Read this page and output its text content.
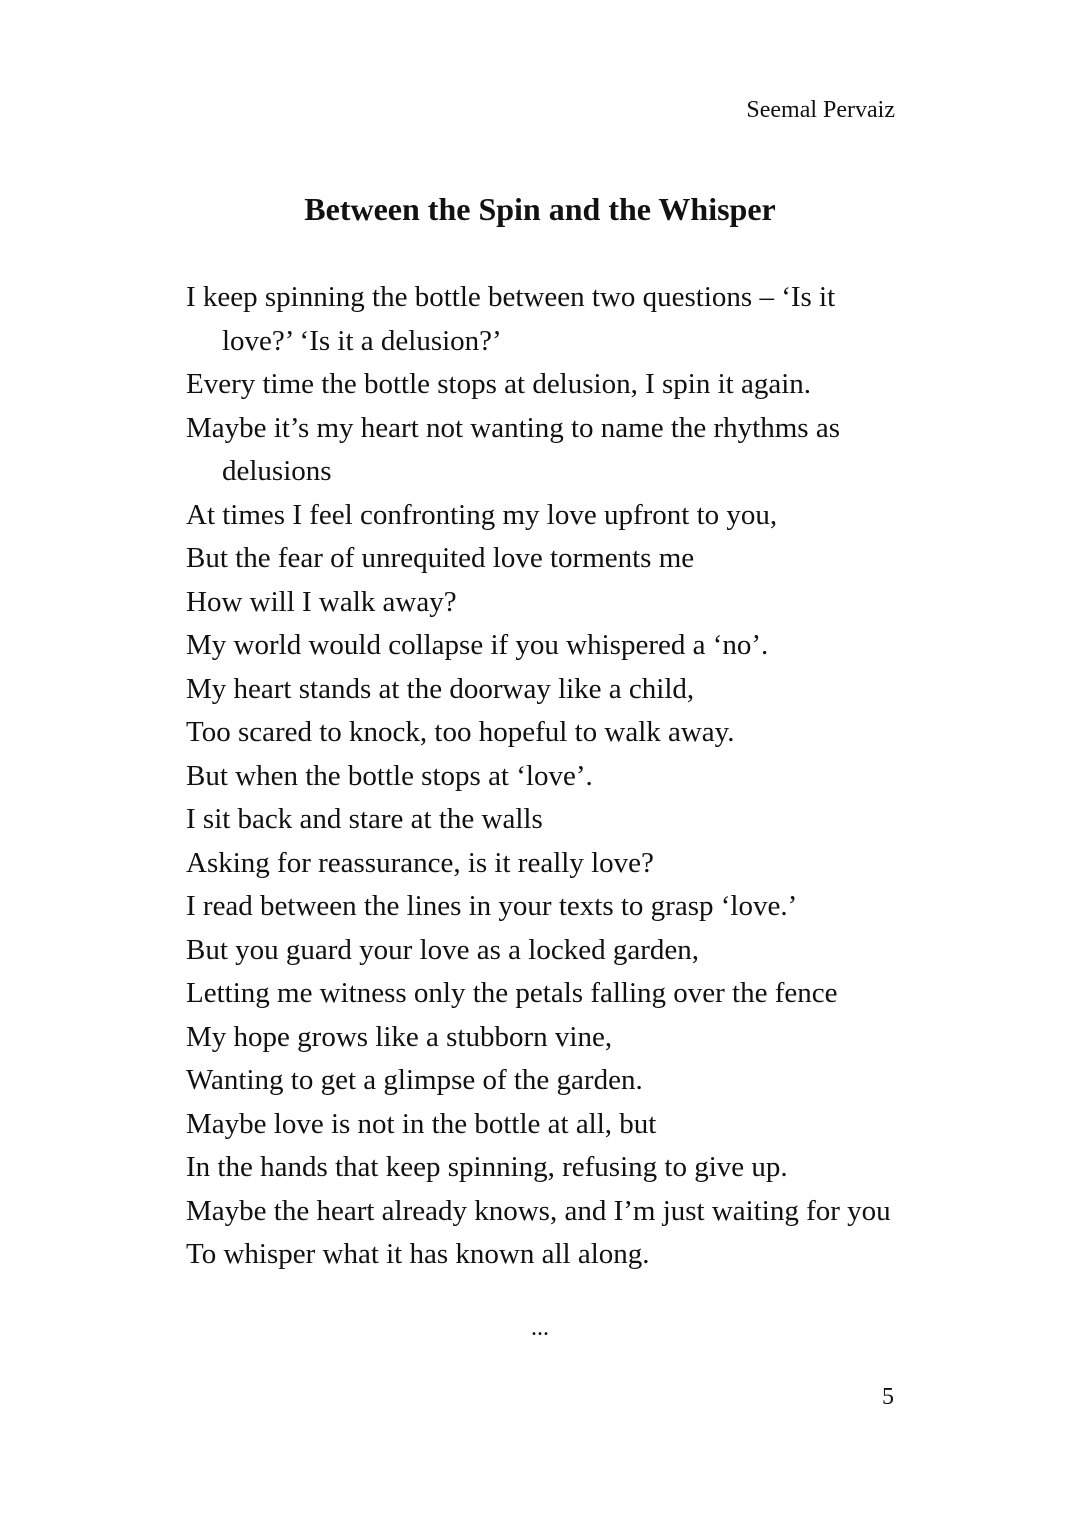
Seemal Pervaiz
Between the Spin and the Whisper
I keep spinning the bottle between two questions – ‘Is it love?’ ‘Is it a delusion?’
Every time the bottle stops at delusion, I spin it again.
Maybe it’s my heart not wanting to name the rhythms as delusions
At times I feel confronting my love upfront to you,
But the fear of unrequited love torments me
How will I walk away?
My world would collapse if you whispered a ‘no’.
My heart stands at the doorway like a child,
Too scared to knock, too hopeful to walk away.
But when the bottle stops at ‘love’.
I sit back and stare at the walls
Asking for reassurance, is it really love?
I read between the lines in your texts to grasp ‘love.’
But you guard your love as a locked garden,
Letting me witness only the petals falling over the fence
My hope grows like a stubborn vine,
Wanting to get a glimpse of the garden.
Maybe love is not in the bottle at all, but
In the hands that keep spinning, refusing to give up.
Maybe the heart already knows, and I’m just waiting for you
To whisper what it has known all along.
...
5
